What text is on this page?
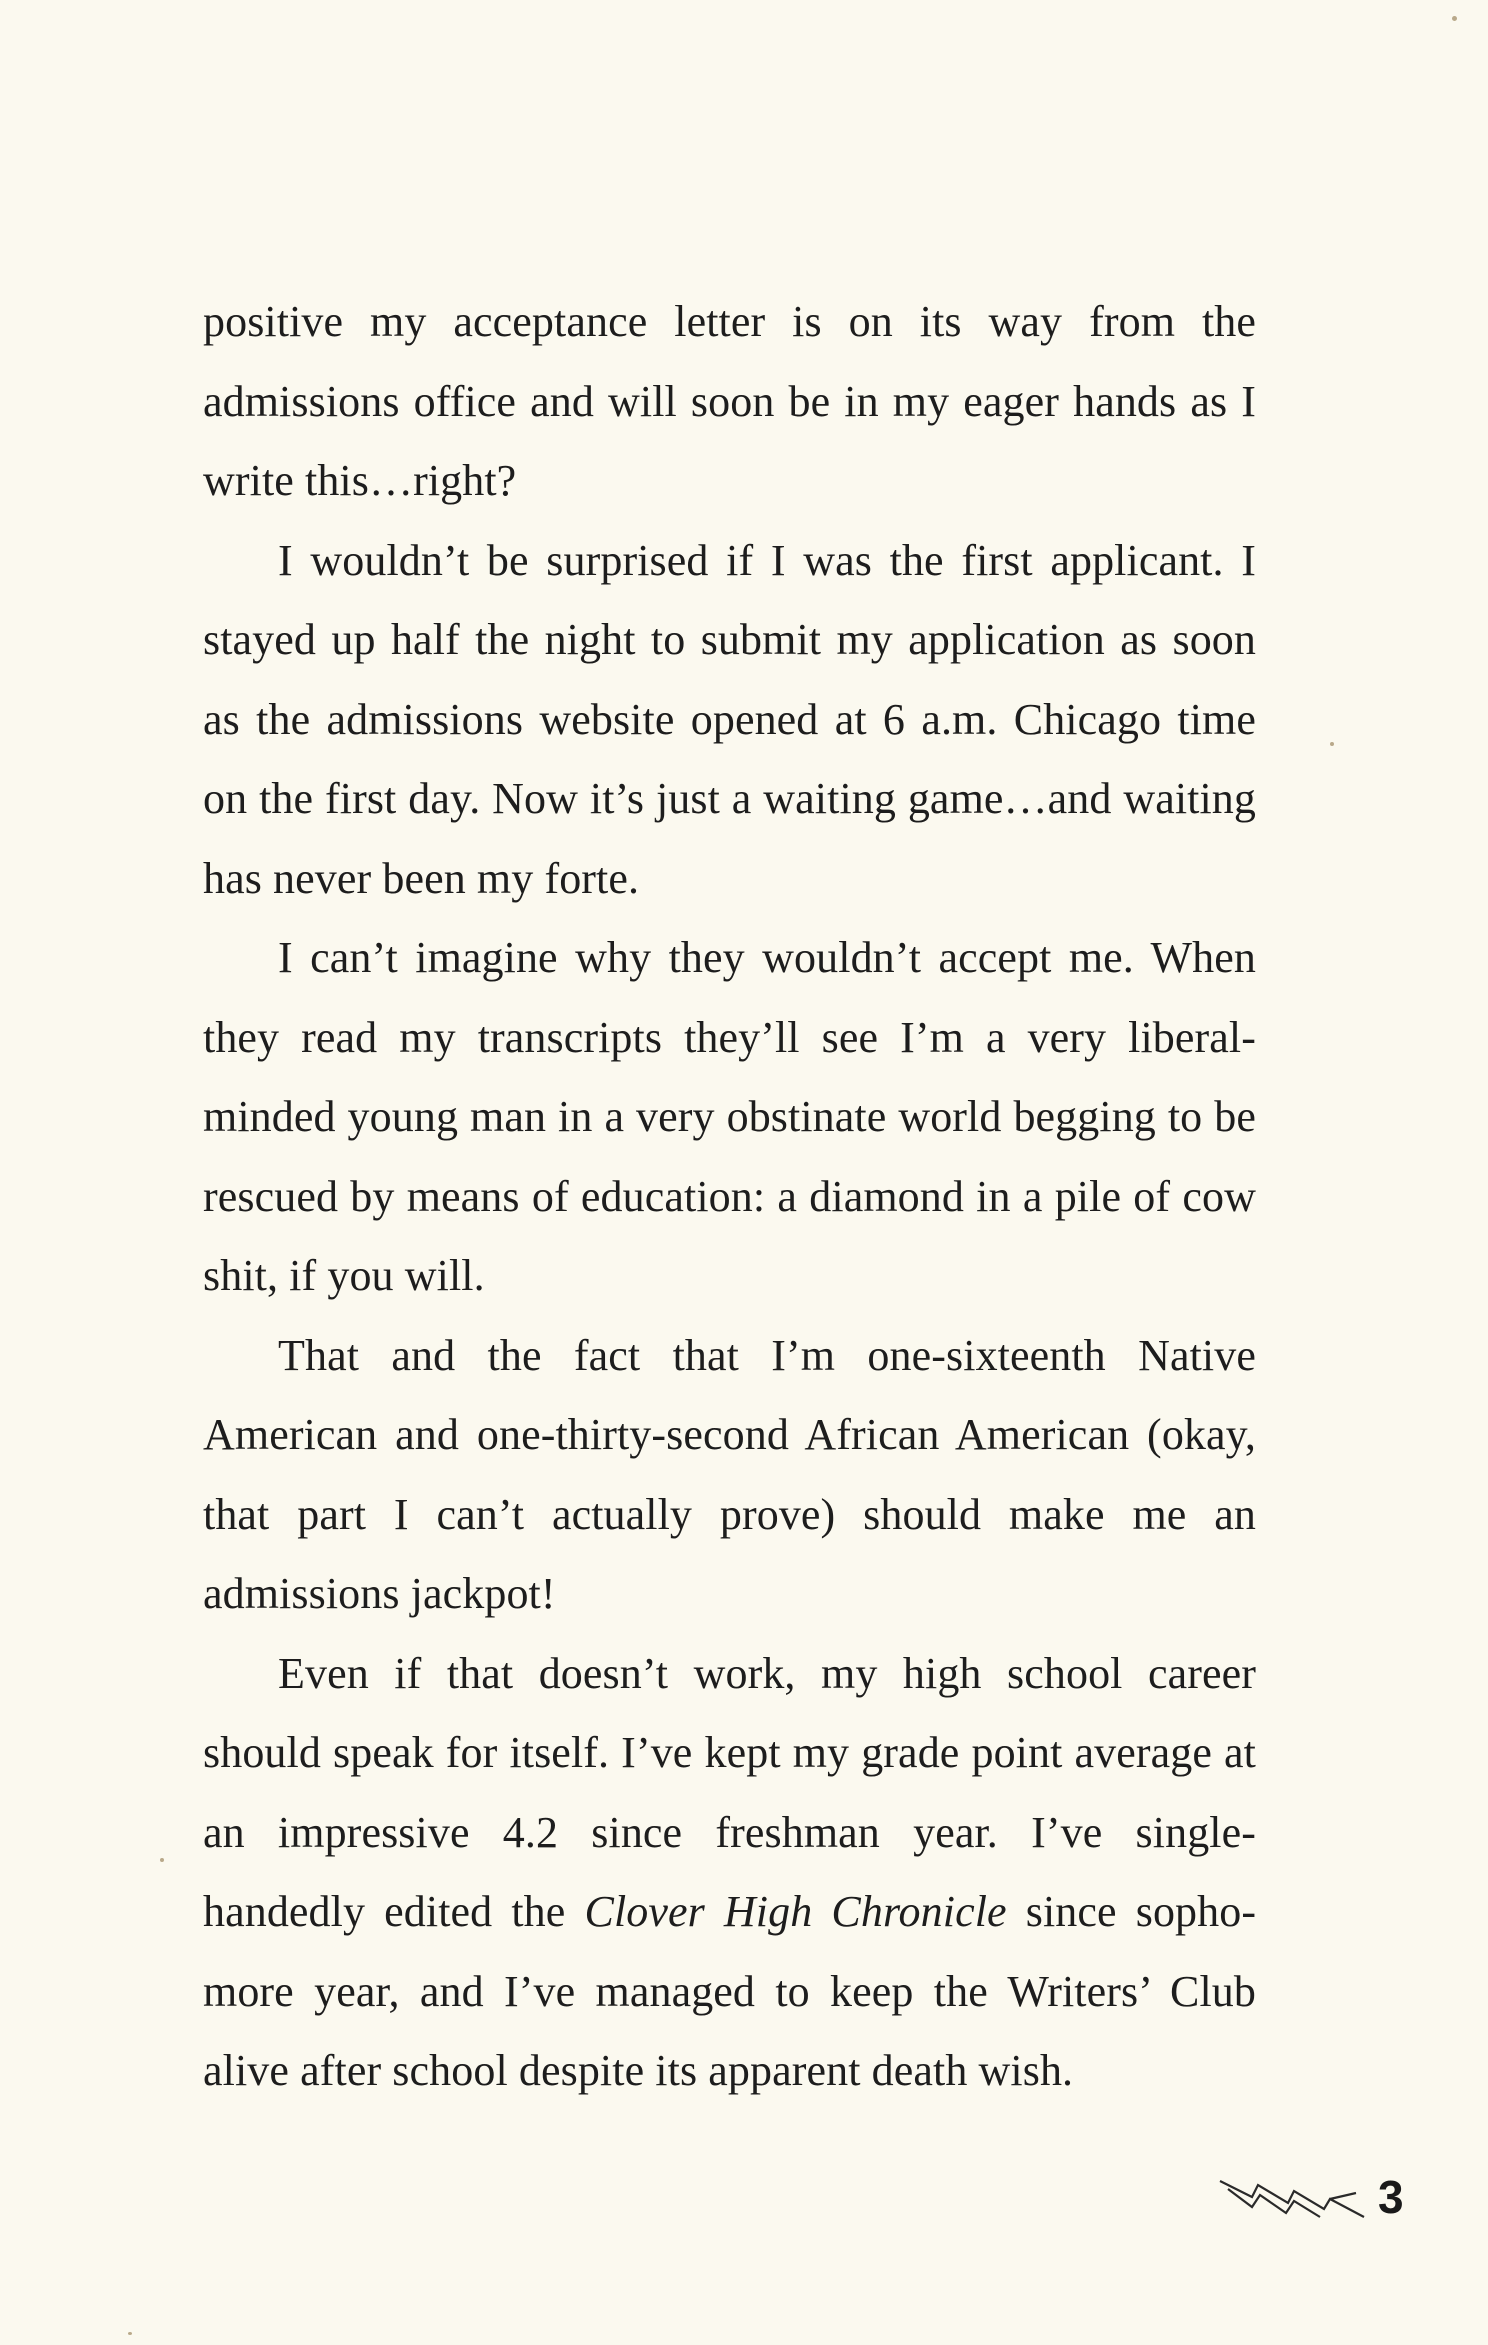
positive my acceptance letter is on its way from the admissions office and will soon be in my eager hands as I write this…right?

I wouldn’t be surprised if I was the first applicant. I stayed up half the night to submit my application as soon as the admissions website opened at 6 a.m. Chicago time on the first day. Now it’s just a waiting game…and waiting has never been my forte.

I can’t imagine why they wouldn’t accept me. When they read my transcripts they’ll see I’m a very liberal-minded young man in a very obstinate world begging to be rescued by means of education: a diamond in a pile of cow shit, if you will.

That and the fact that I’m one-sixteenth Native American and one-thirty-second African American (okay, that part I can’t actually prove) should make me an admissions jackpot!

Even if that doesn’t work, my high school career should speak for itself. I’ve kept my grade point average at an impressive 4.2 since freshman year. I’ve single-handedly edited the Clover High Chronicle since sophomore year, and I’ve managed to keep the Writers’ Club alive after school despite its apparent death wish.

3
